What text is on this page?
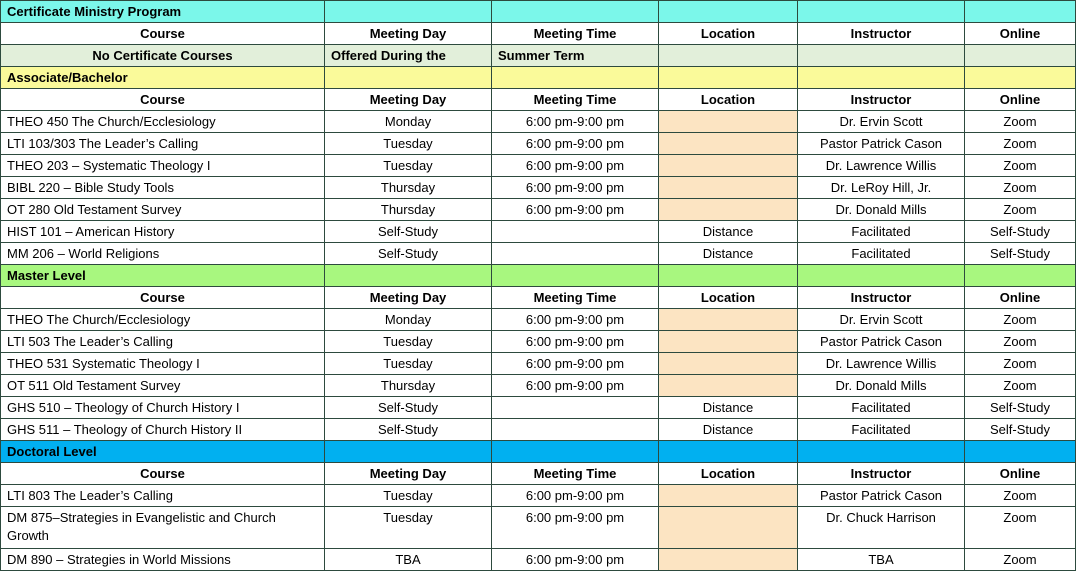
Certificate Ministry Program					
Course	Meeting Day	Meeting Time	Location	Instructor	Online
No Certificate Courses	Offered During the	Summer Term			
Associate/Bachelor					
Course	Meeting Day	Meeting Time	Location	Instructor	Online
THEO 450 The Church/Ecclesiology	Monday	6:00 pm-9:00 pm		Dr. Ervin Scott	Zoom
LTI 103/303 The Leader’s Calling	Tuesday	6:00 pm-9:00 pm		Pastor Patrick Cason	Zoom
THEO 203 – Systematic Theology I	Tuesday	6:00 pm-9:00 pm		Dr. Lawrence Willis	Zoom
BIBL 220 – Bible Study Tools	Thursday	6:00 pm-9:00 pm		Dr. LeRoy Hill, Jr.	Zoom
OT 280 Old Testament Survey	Thursday	6:00 pm-9:00 pm		Dr. Donald Mills	Zoom
HIST 101 – American History	Self-Study		Distance	Facilitated	Self-Study
MM 206 – World Religions	Self-Study		Distance	Facilitated	Self-Study
Master Level					
Course	Meeting Day	Meeting Time	Location	Instructor	Online
THEO The Church/Ecclesiology	Monday	6:00 pm-9:00 pm		Dr. Ervin Scott	Zoom
LTI 503 The Leader’s Calling	Tuesday	6:00 pm-9:00 pm		Pastor Patrick Cason	Zoom
THEO 531 Systematic Theology I	Tuesday	6:00 pm-9:00 pm		Dr. Lawrence Willis	Zoom
OT 511 Old Testament Survey	Thursday	6:00 pm-9:00 pm		Dr. Donald Mills	Zoom
GHS 510 – Theology of Church History I	Self-Study		Distance	Facilitated	Self-Study
GHS 511 – Theology of Church History II	Self-Study		Distance	Facilitated	Self-Study
Doctoral Level					
Course	Meeting Day	Meeting Time	Location	Instructor	Online
LTI 803 The Leader’s Calling	Tuesday	6:00 pm-9:00 pm		Pastor Patrick Cason	Zoom
DM 875–Strategies in Evangelistic and Church Growth	Tuesday	6:00 pm-9:00 pm		Dr. Chuck Harrison	Zoom
DM 890 – Strategies in World Missions	TBA	6:00 pm-9:00 pm		TBA	Zoom
